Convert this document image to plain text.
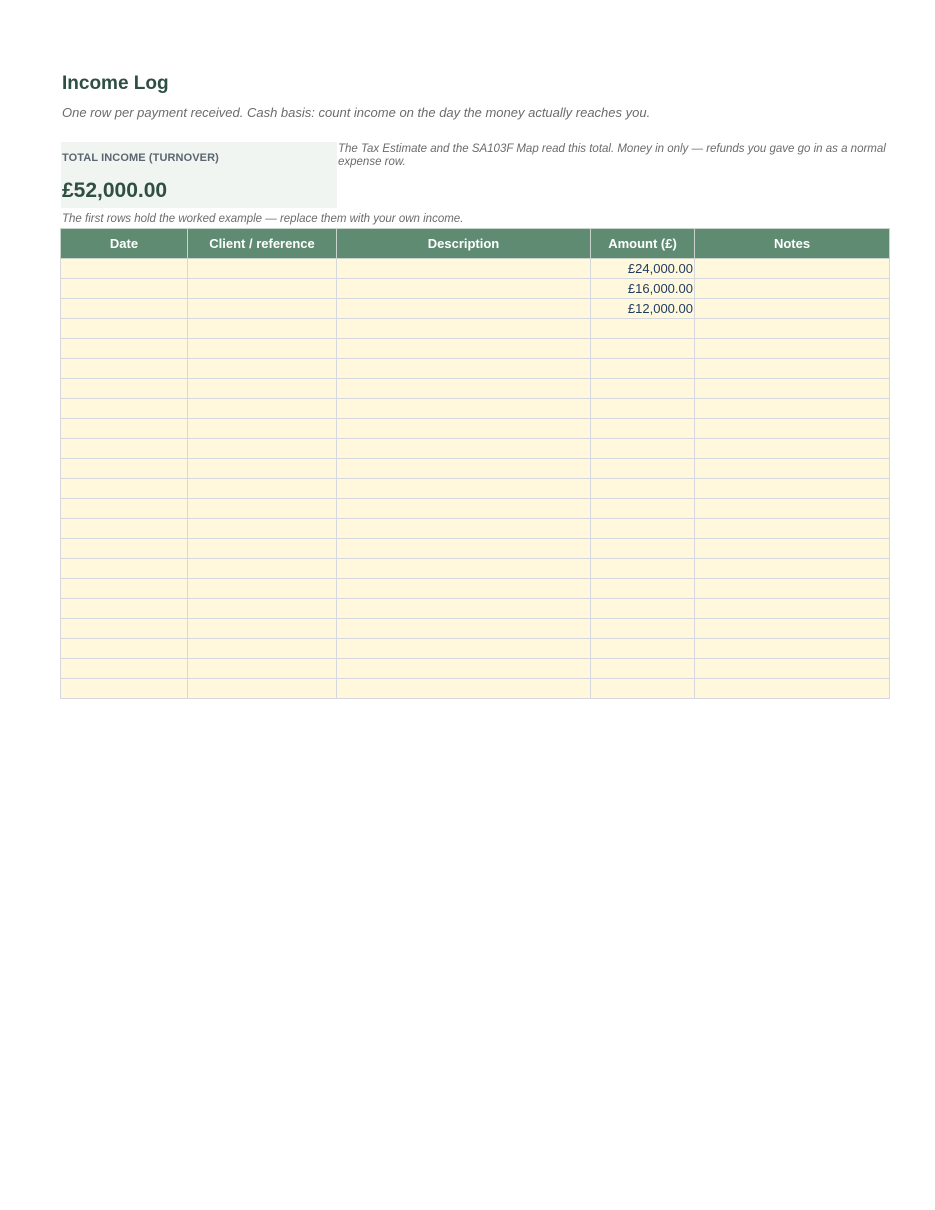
Income Log
One row per payment received. Cash basis: count income on the day the money actually reaches you.
TOTAL INCOME (TURNOVER)
£52,000.00
The Tax Estimate and the SA103F Map read this total. Money in only — refunds you gave go in as a normal expense row.
The first rows hold the worked example — replace them with your own income.
Date	Client / reference	Description	Amount (£)	Notes
			£24,000.00	
			£16,000.00	
			£12,000.00	
